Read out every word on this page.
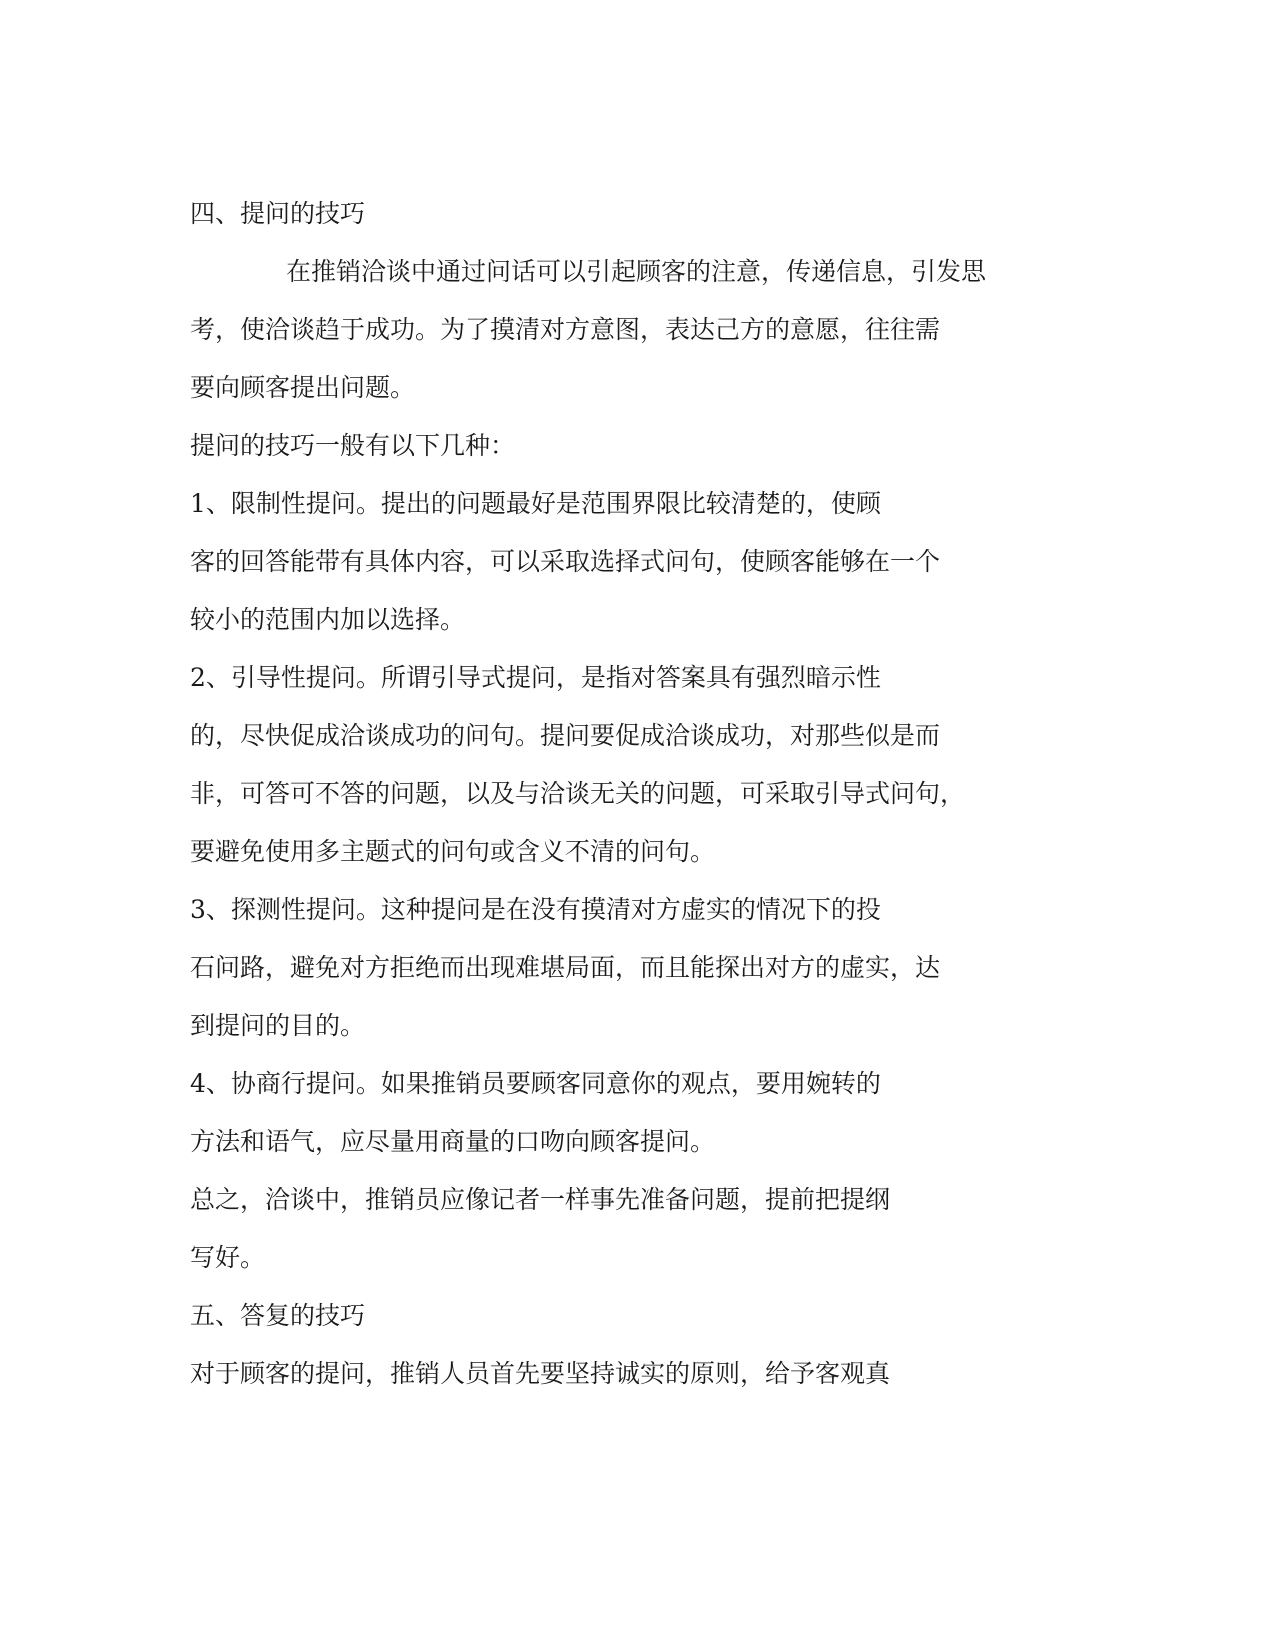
四、提问的技巧
在推销洽谈中通过问话可以引起顾客的注意，传递信息，引发思
考，使洽谈趋于成功。为了摸清对方意图，表达己方的意愿，往往需
要向顾客提出问题。
提问的技巧一般有以下几种：
1、限制性提问。提出的问题最好是范围界限比较清楚的，使顾
客的回答能带有具体内容，可以采取选择式问句，使顾客能够在一个
较小的范围内加以选择。
2、引导性提问。所谓引导式提问，是指对答案具有强烈暗示性
的，尽快促成洽谈成功的问句。提问要促成洽谈成功，对那些似是而
非，可答可不答的问题，以及与洽谈无关的问题，可采取引导式问句，
要避免使用多主题式的问句或含义不清的问句。
3、探测性提问。这种提问是在没有摸清对方虚实的情况下的投
石问路，避免对方拒绝而出现难堪局面，而且能探出对方的虚实，达
到提问的目的。
4、协商行提问。如果推销员要顾客同意你的观点，要用婉转的
方法和语气，应尽量用商量的口吻向顾客提问。
总之，洽谈中，推销员应像记者一样事先准备问题，提前把提纲
写好。
五、答复的技巧
对于顾客的提问，推销人员首先要坚持诚实的原则，给予客观真
